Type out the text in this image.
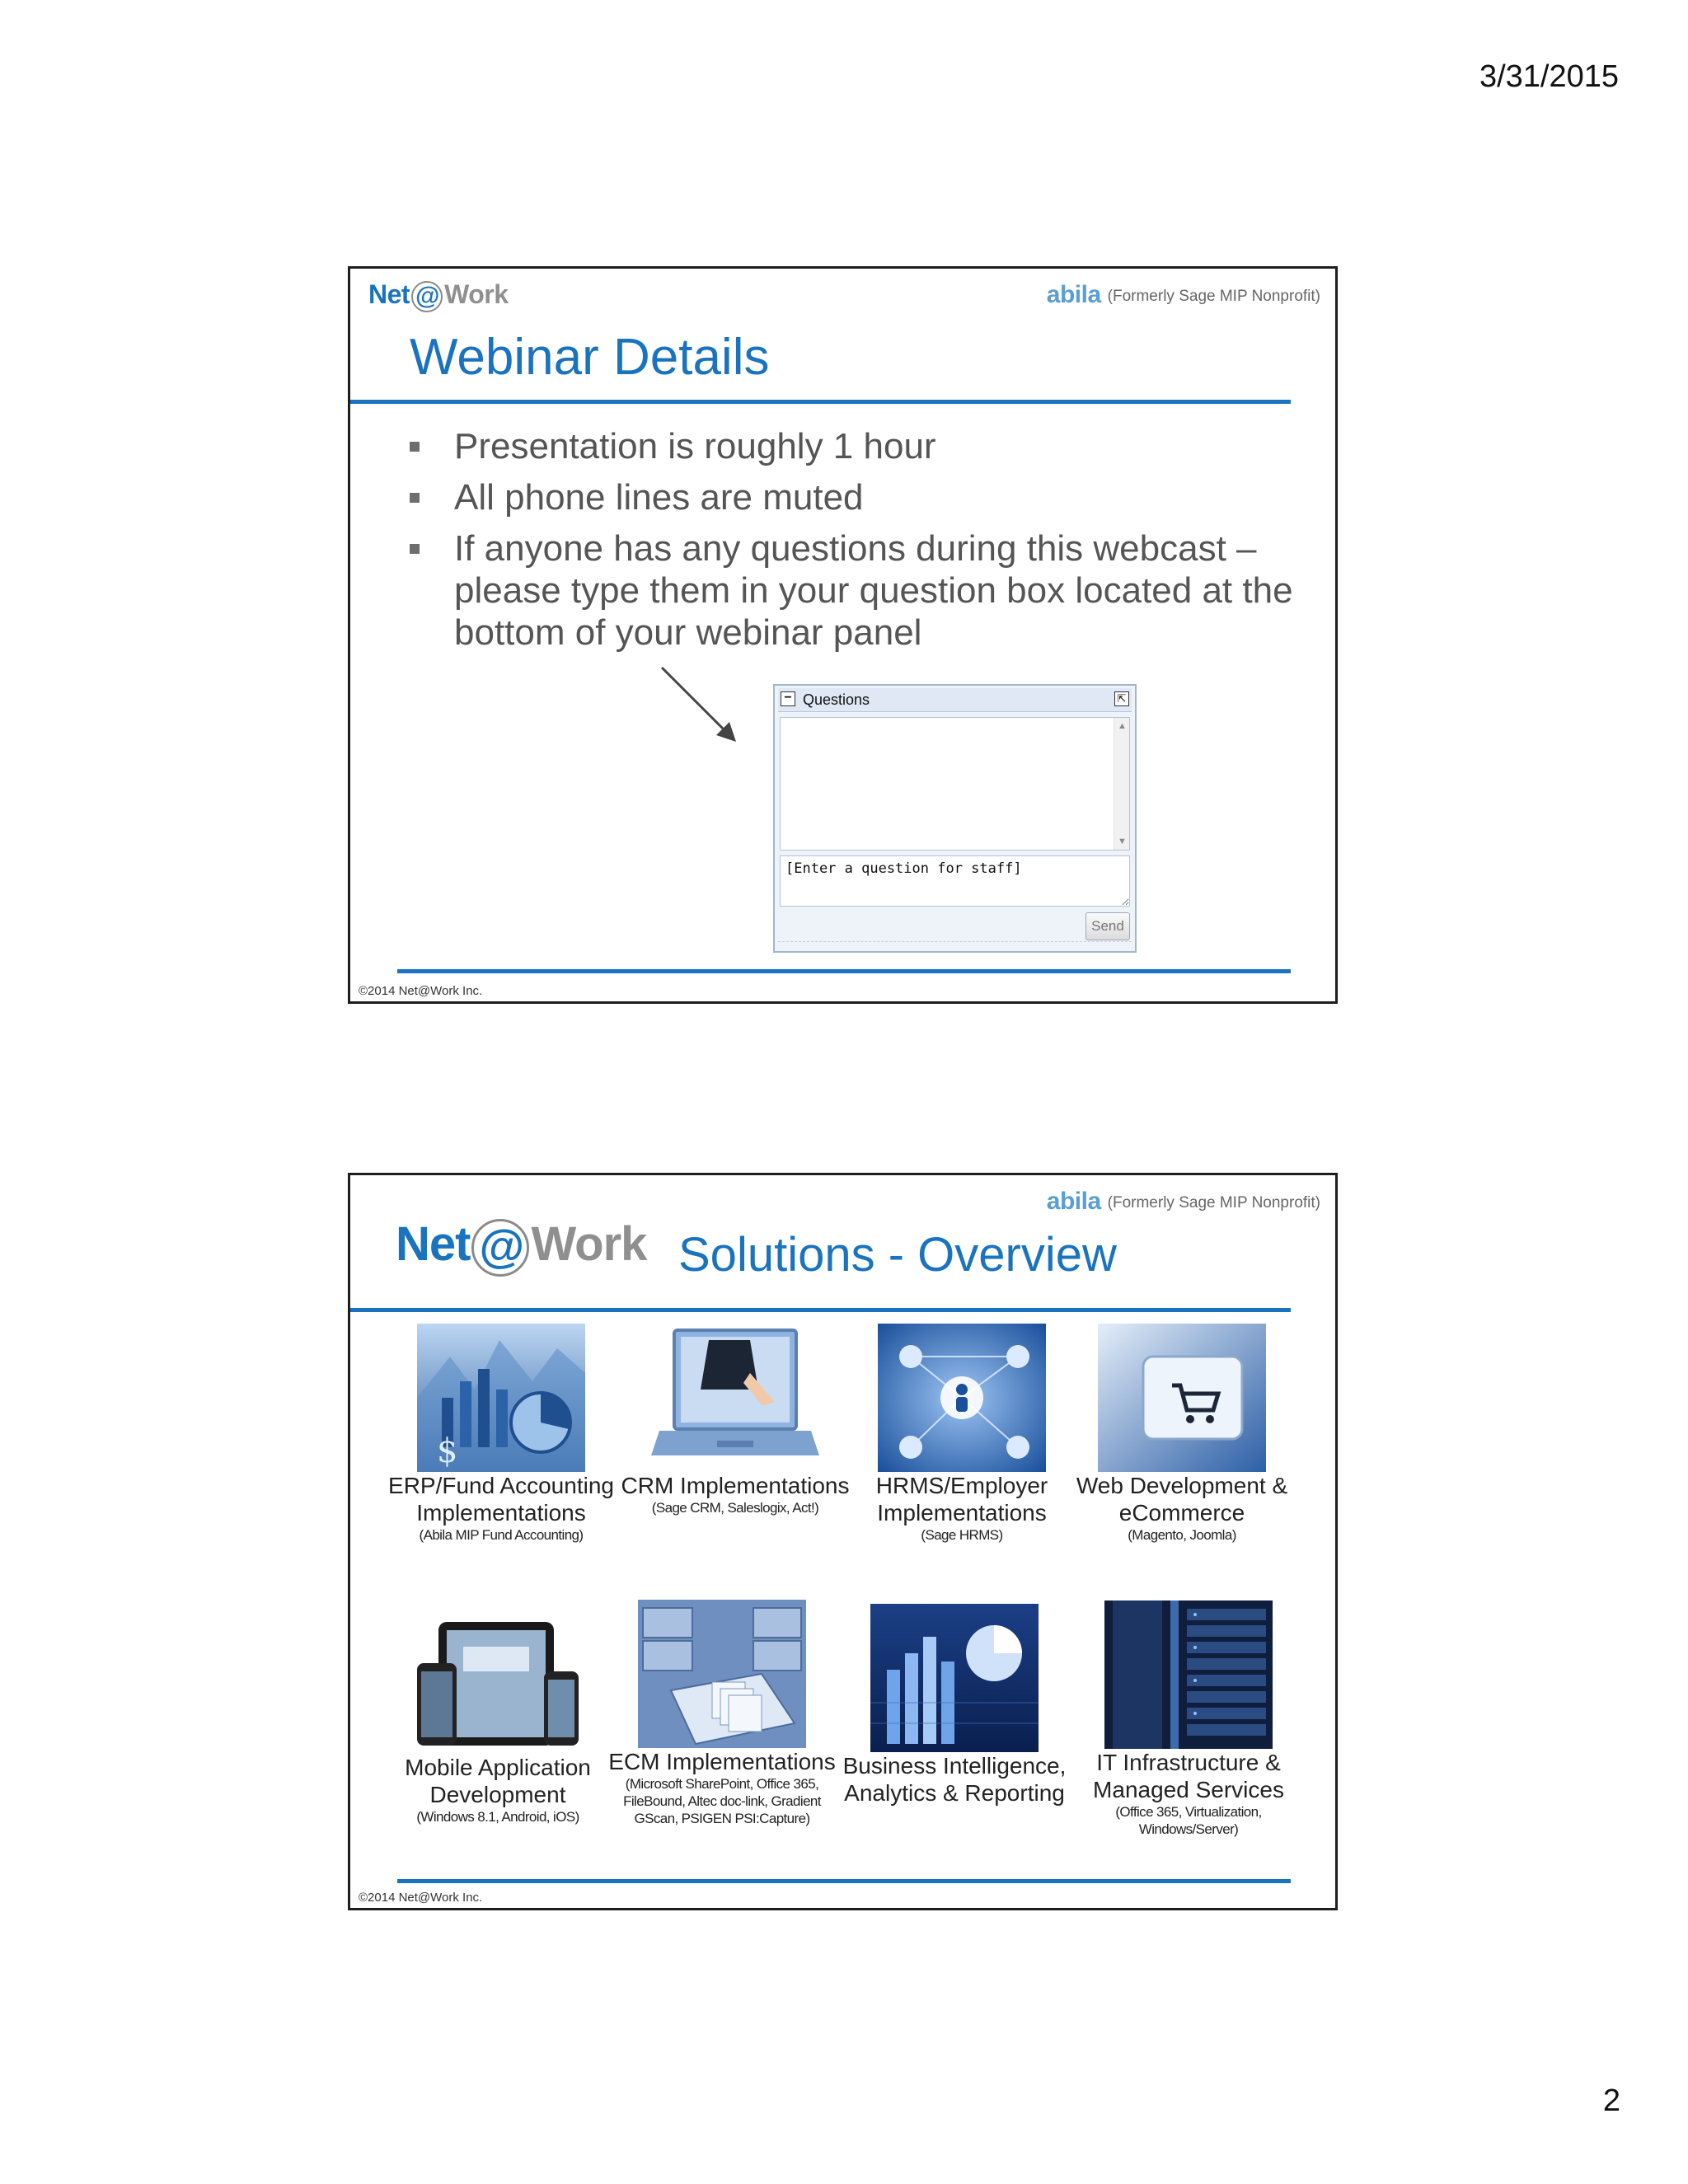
3/31/2015
Net @ Work	abila (Formerly Sage MIP Nonprofit)
Webinar Details
Presentation is roughly 1 hour
All phone lines are muted
If anyone has any questions during this webcast – please type them in your question box located at the bottom of your webinar panel
− Questions	⇱
▲
▼
[Enter a question for staff]
Send
©2014 Net@Work Inc.
abila (Formerly Sage MIP Nonprofit)
Net @ Work Solutions - Overview
$
ERP/Fund Accounting Implementations
(Abila MIP Fund Accounting)
CRM Implementations
(Sage CRM, Saleslogix, Act!)
HRMS/Employer Implementations
(Sage HRMS)
Web Development & eCommerce
(Magento, Joomla)
Mobile Application Development
(Windows 8.1, Android, iOS)
ECM Implementations
(Microsoft SharePoint, Office 365, FileBound, Altec doc-link, Gradient GScan, PSIGEN PSI:Capture)
Business Intelligence, Analytics & Reporting
IT Infrastructure & Managed Services
(Office 365, Virtualization, Windows/Server)
©2014 Net@Work Inc.
2
